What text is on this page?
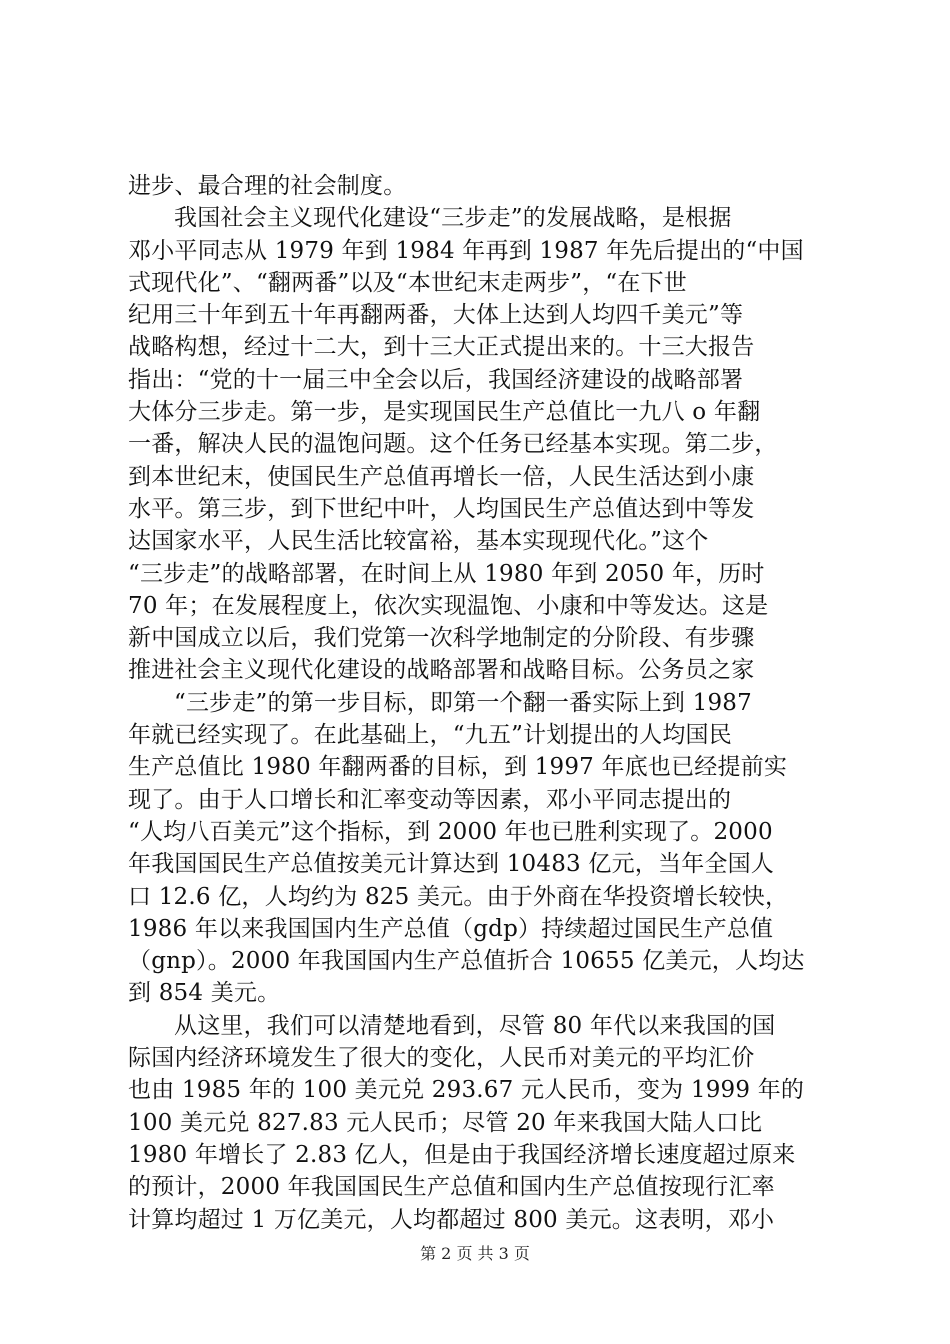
进步、最合理的社会制度。
我国社会主义现代化建设“三步走”的发展战略，是根据
邓小平同志从 1979 年到 1984 年再到 1987 年先后提出的“中国
式现代化”、“翻两番”以及“本世纪末走两步”，“在下世
纪用三十年到五十年再翻两番，大体上达到人均四千美元”等
战略构想，经过十二大，到十三大正式提出来的。十三大报告
指出：“党的十一届三中全会以后，我国经济建设的战略部署
大体分三步走。第一步，是实现国民生产总值比一九八 o 年翻
一番，解决人民的温饱问题。这个任务已经基本实现。第二步，
到本世纪末，使国民生产总值再增长一倍，人民生活达到小康
水平。第三步，到下世纪中叶，人均国民生产总值达到中等发
达国家水平，人民生活比较富裕，基本实现现代化。”这个
“三步走”的战略部署，在时间上从 1980 年到 2050 年，历时
70 年；在发展程度上，依次实现温饱、小康和中等发达。这是
新中国成立以后，我们党第一次科学地制定的分阶段、有步骤
推进社会主义现代化建设的战略部署和战略目标。公务员之家
“三步走”的第一步目标，即第一个翻一番实际上到 1987
年就已经实现了。在此基础上，“九五”计划提出的人均国民
生产总值比 1980 年翻两番的目标，到 1997 年底也已经提前实
现了。由于人口增长和汇率变动等因素，邓小平同志提出的
“人均八百美元”这个指标，到 2000 年也已胜利实现了。2000
年我国国民生产总值按美元计算达到 10483 亿元，当年全国人
口 12.6 亿，人均约为 825 美元。由于外商在华投资增长较快，
1986 年以来我国国内生产总值（gdp）持续超过国民生产总值
（gnp）。2000 年我国国内生产总值折合 10655 亿美元，人均达
到 854 美元。
从这里，我们可以清楚地看到，尽管 80 年代以来我国的国
际国内经济环境发生了很大的变化，人民币对美元的平均汇价
也由 1985 年的 100 美元兑 293.67 元人民币，变为 1999 年的
100 美元兑 827.83 元人民币；尽管 20 年来我国大陆人口比
1980 年增长了 2.83 亿人，但是由于我国经济增长速度超过原来
的预计，2000 年我国国民生产总值和国内生产总值按现行汇率
计算均超过 1 万亿美元，人均都超过 800 美元。这表明，邓小
第 2 页 共 3 页
